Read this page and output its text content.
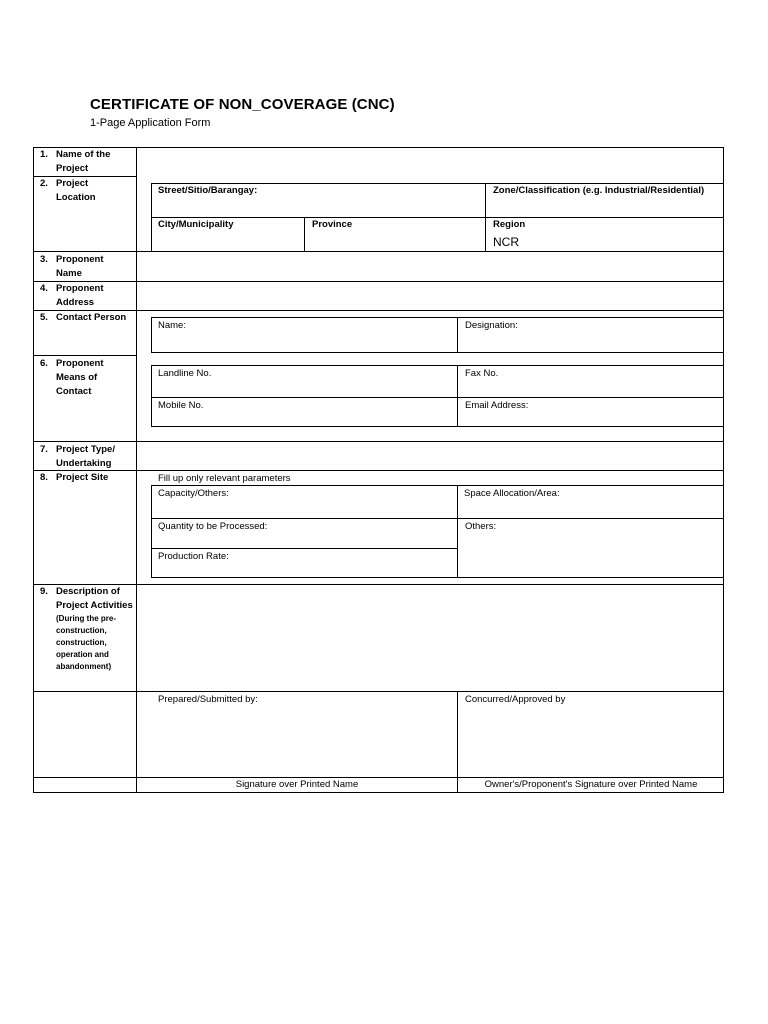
CERTIFICATE OF NON_COVERAGE (CNC)
1-Page Application Form
1. Name of the Project
2. Project Location
3. Proponent Name
4. Proponent Address
5. Contact Person
6. Proponent Means of Contact
7. Project Type/ Undertaking
8. Project Site
9. Description of Project Activities
(During the pre-construction, construction, operation and abandonment)
Street/Sitio/Barangay:	Zone/Classification (e.g. Industrial/Residential)
City/Municipality	Province	Region
NCR
Name:	Designation:
Landline No.	Fax No.
Mobile No.	Email Address:
Fill up only relevant parameters
Capacity/Others:	Space Allocation/Area:
Quantity to be Processed:	Others:
Production Rate:
Prepared/Submitted by:	Concurred/Approved by
Signature over Printed Name	Owner's/Proponent's Signature over Printed Name
